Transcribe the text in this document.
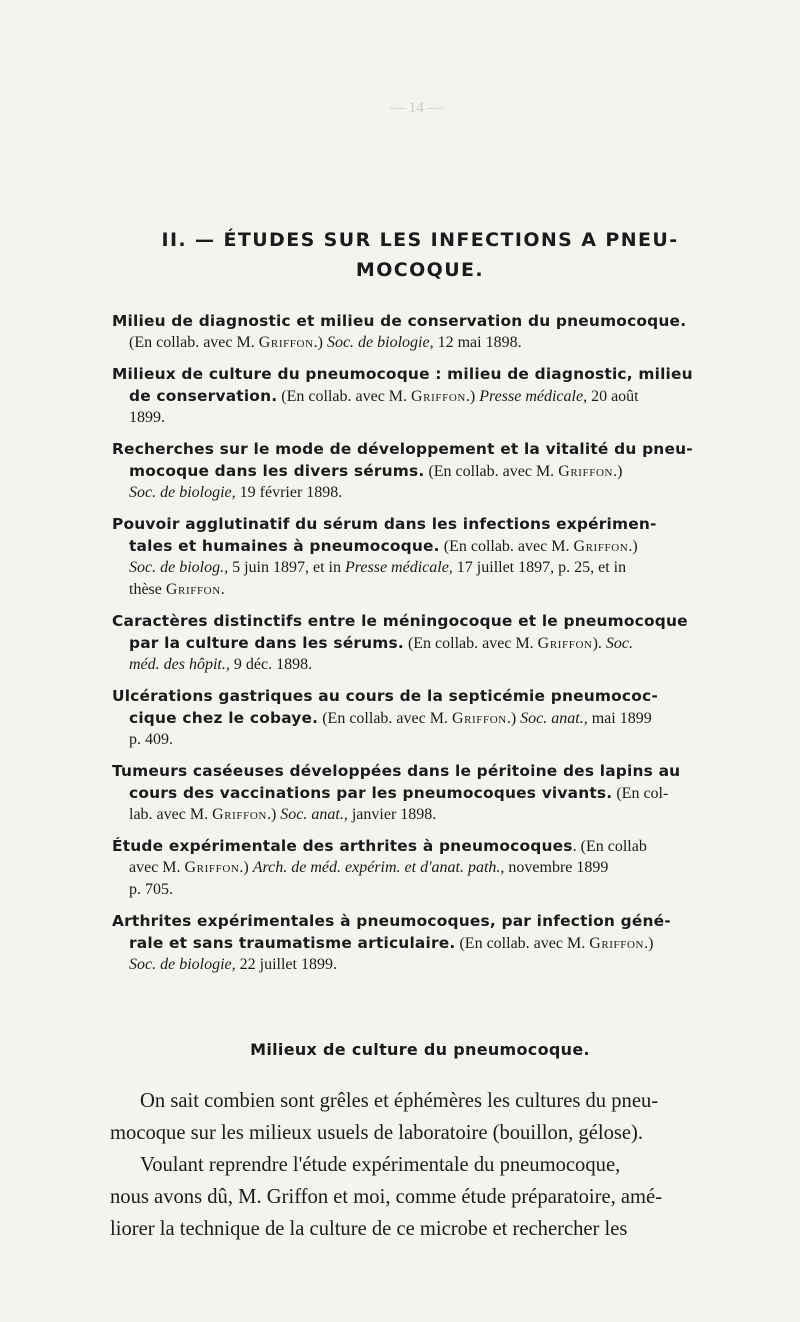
— 14 —
II. — ÉTUDES SUR LES INFECTIONS A PNEU-
MOCOQUE.
Milieu de diagnostic et milieu de conservation du pneumocoque.
(En collab. avec M. Griffon.) Soc. de biologie, 12 mai 1898.
Milieux de culture du pneumocoque : milieu de diagnostic, milieu
de conservation. (En collab. avec M. Griffon.) Presse médicale, 20 août
1899.
Recherches sur le mode de développement et la vitalité du pneu-
mocoque dans les divers sérums. (En collab. avec M. Griffon.)
Soc. de biologie, 19 février 1898.
Pouvoir agglutinatif du sérum dans les infections expérimen-
tales et humaines à pneumocoque. (En collab. avec M. Griffon.)
Soc. de biolog., 5 juin 1897, et in Presse médicale, 17 juillet 1897, p. 25, et in
thèse Griffon.
Caractères distinctifs entre le méningocoque et le pneumocoque
par la culture dans les sérums. (En collab. avec M. Griffon). Soc.
méd. des hôpit., 9 déc. 1898.
Ulcérations gastriques au cours de la septicémie pneumococ-
cique chez le cobaye. (En collab. avec M. Griffon.) Soc. anat., mai 1899
p. 409.
Tumeurs caséeuses développées dans le péritoine des lapins au
cours des vaccinations par les pneumocoques vivants. (En col-
lab. avec M. Griffon.) Soc. anat., janvier 1898.
Étude expérimentale des arthrites à pneumocoques. (En collab
avec M. Griffon.) Arch. de méd. expérim. et d'anat. path., novembre 1899
p. 705.
Arthrites expérimentales à pneumocoques, par infection géné-
rale et sans traumatisme articulaire. (En collab. avec M. Griffon.)
Soc. de biologie, 22 juillet 1899.
Milieux de culture du pneumocoque.
On sait combien sont grêles et éphémères les cultures du pneu-
mocoque sur les milieux usuels de laboratoire (bouillon, gélose).
Voulant reprendre l'étude expérimentale du pneumocoque,
nous avons dû, M. Griffon et moi, comme étude préparatoire, amé-
liorer la technique de la culture de ce microbe et rechercher les
